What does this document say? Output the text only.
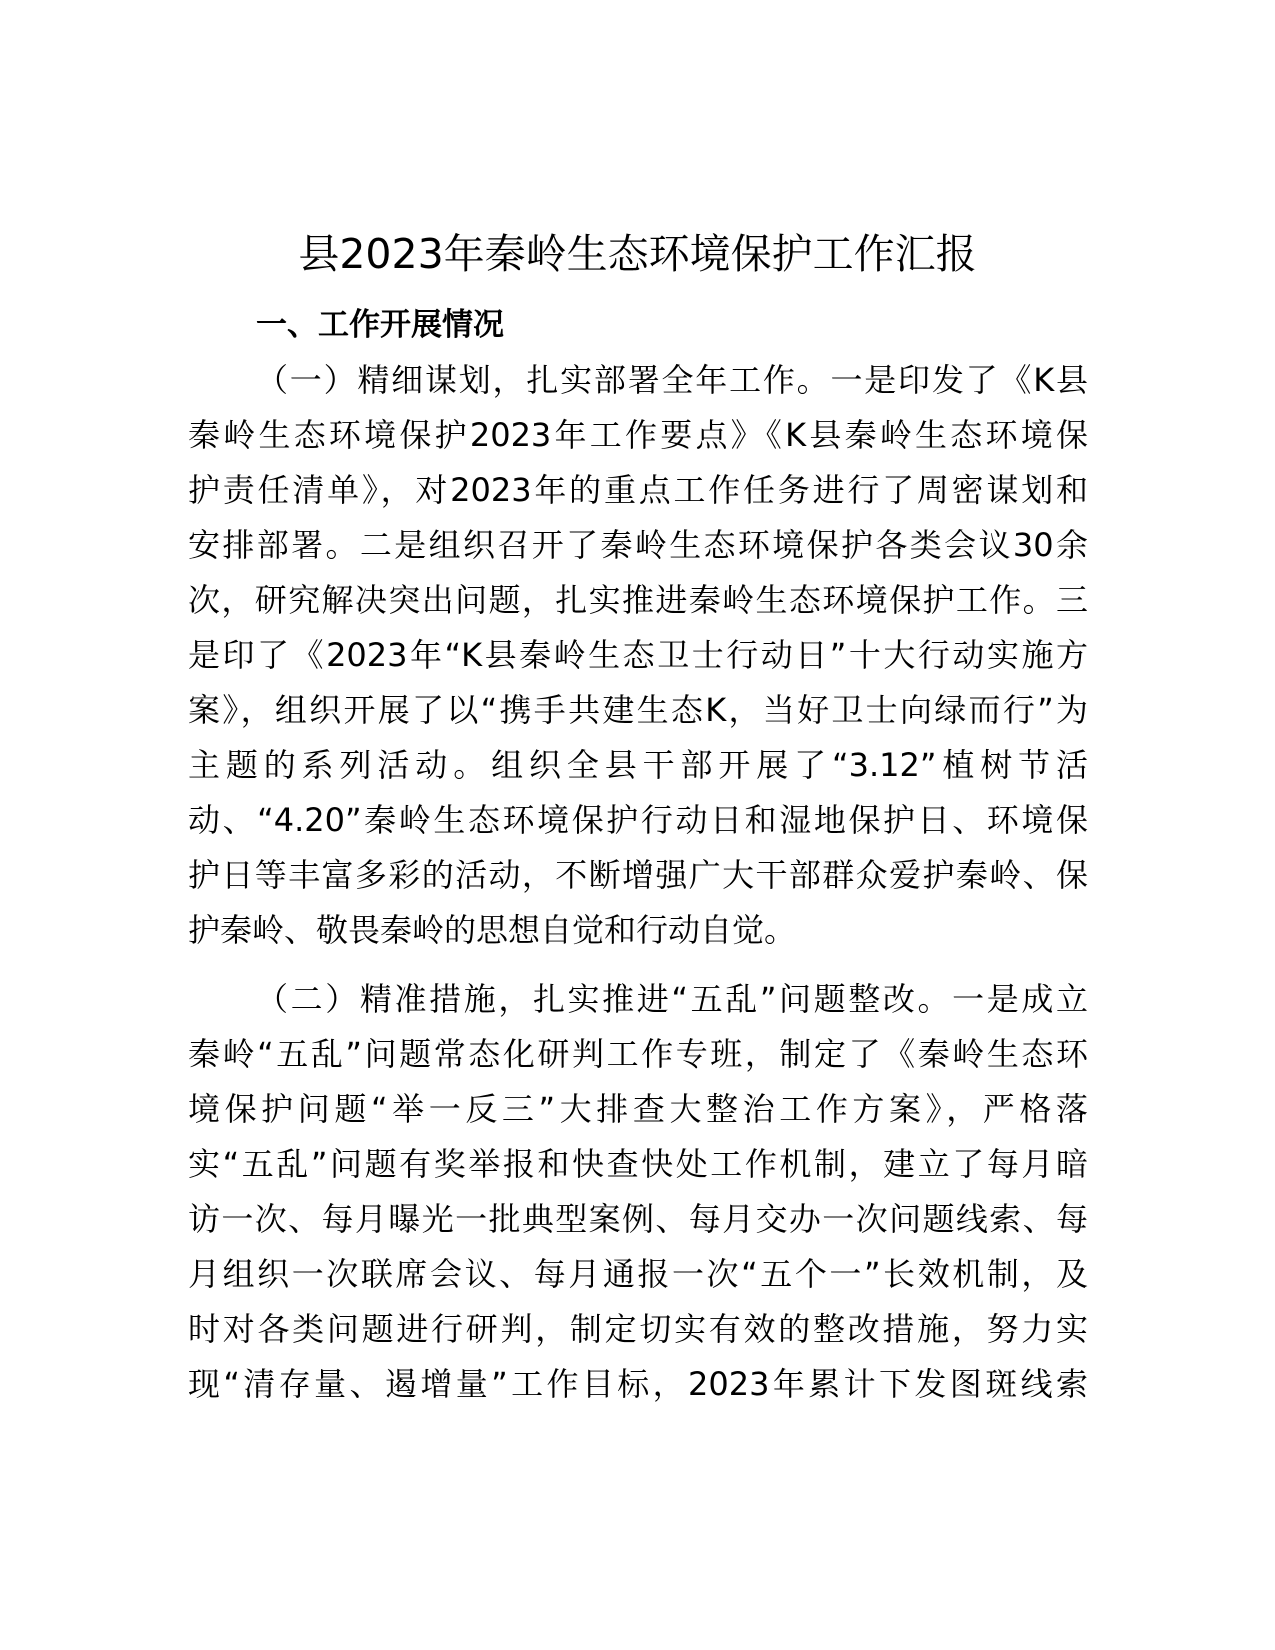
县2023年秦岭生态环境保护工作汇报
一、工作开展情况
（一）精细谋划，扎实部署全年工作。一是印发了《K县
秦岭生态环境保护2023年工作要点》《K县秦岭生态环境保
护责任清单》，对2023年的重点工作任务进行了周密谋划和
安排部署。二是组织召开了秦岭生态环境保护各类会议30余
次，研究解决突出问题，扎实推进秦岭生态环境保护工作。三
是印了《2023年“K县秦岭生态卫士行动日”十大行动实施方
案》，组织开展了以“携手共建生态K，当好卫士向绿而行”为
主题的系列活动。组织全县干部开展了“3.12”植树节活
动、“4.20”秦岭生态环境保护行动日和湿地保护日、环境保
护日等丰富多彩的活动，不断增强广大干部群众爱护秦岭、保
护秦岭、敬畏秦岭的思想自觉和行动自觉。
（二）精准措施，扎实推进“五乱”问题整改。一是成立
秦岭“五乱”问题常态化研判工作专班，制定了《秦岭生态环
境保护问题“举一反三”大排查大整治工作方案》，严格落
实“五乱”问题有奖举报和快查快处工作机制，建立了每月暗
访一次、每月曝光一批典型案例、每月交办一次问题线索、每
月组织一次联席会议、每月通报一次“五个一”长效机制，及
时对各类问题进行研判，制定切实有效的整改措施，努力实
现“清存量、遏增量”工作目标，2023年累计下发图斑线索
